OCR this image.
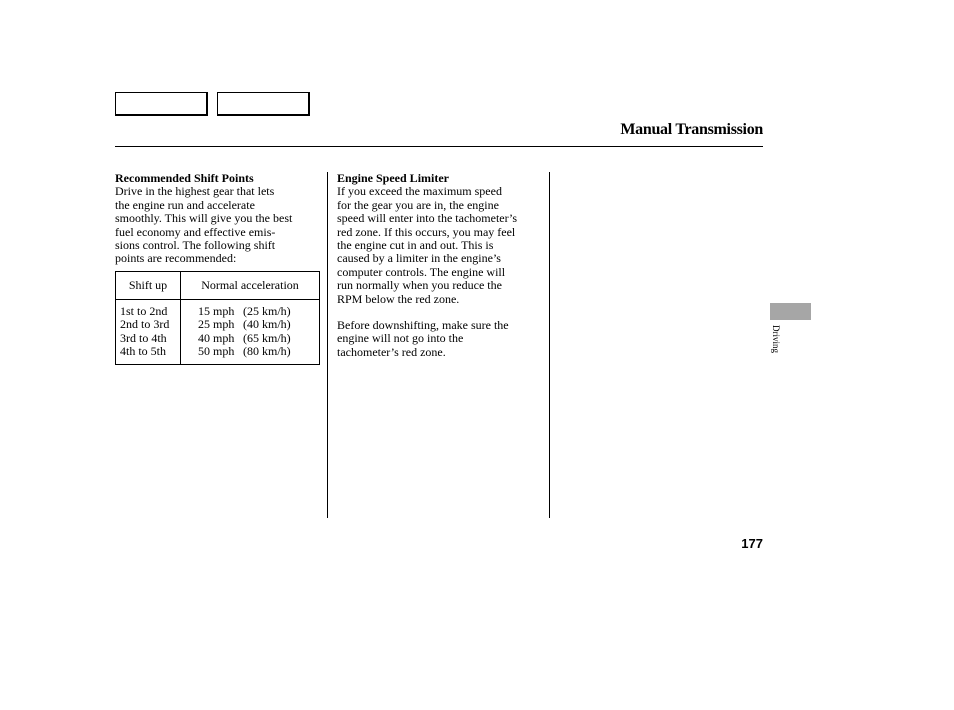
Manual Transmission
Recommended Shift Points

Drive in the highest gear that lets
the engine run and accelerate
smoothly. This will give you the best
fuel economy and effective emis-
sions control. The following shift
points are recommended:

Shift up	Normal acceleration
1st to 2nd	15 mph (25 km/h)
2nd to 3rd 25 mph (40 km/h)
3rd to 4th	40 mph (65 km/h)
4th to 5th	50 mph (80 km/h)
Engine Speed Limiter

If you exceed the maximum speed
for the gear you are in, the engine
speed will enter into the tachometer’s
red zone. If this occurs, you may feel
the engine cut in and out. This is
caused by a limiter in the engine’s
computer controls. The engine will
run normally when you reduce the
RPM below the red zone.

Before downshifting, make sure the
engine will not go into the
tachometer’s red zone.	Driving
177
